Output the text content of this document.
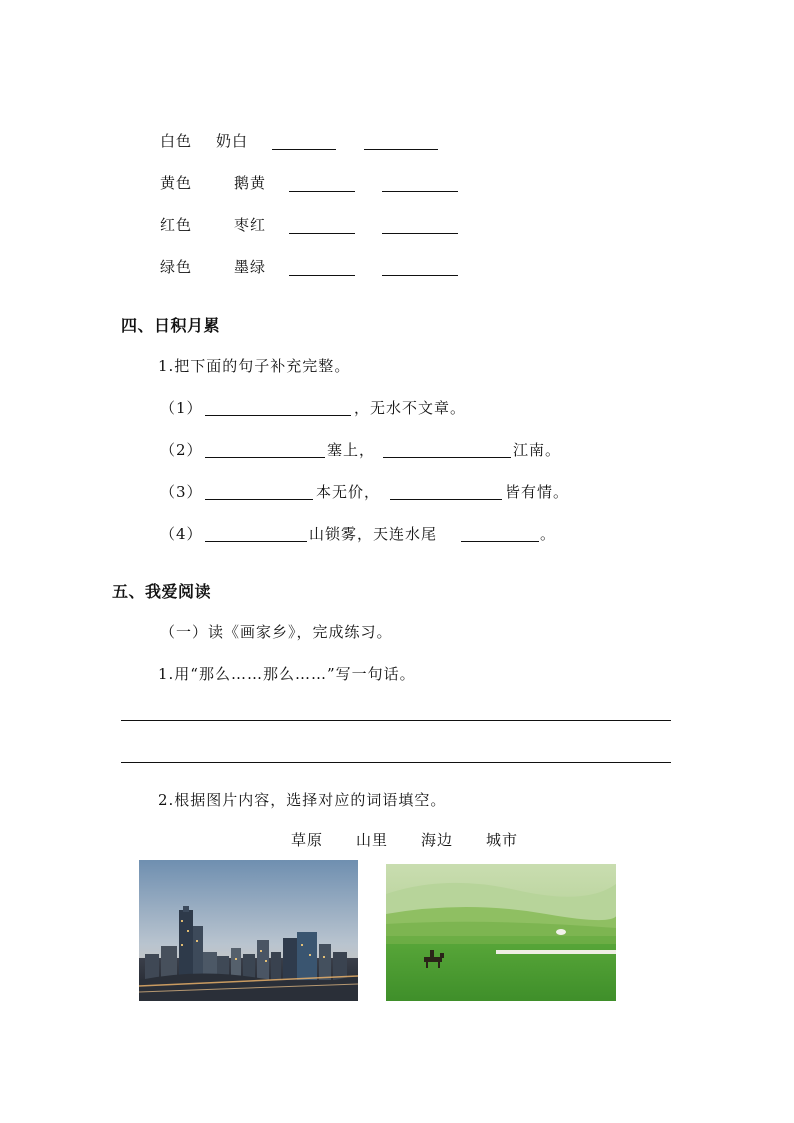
白色 奶白
黄色	鹅黄
红色	枣红
绿色	墨绿
四、日积月累
1.把下面的句子补充完整。
（1）	，无水不文章。
（2）	塞上，	江南。
（3）	本无价，	皆有情。
（4）	山锁雾，天连水尾	。
五、我爱阅读
（一）读《画家乡》，完成练习。
1.用“那么……那么……”写一句话。
2.根据图片内容，选择对应的词语填空。
草原 山里 海边 城市
